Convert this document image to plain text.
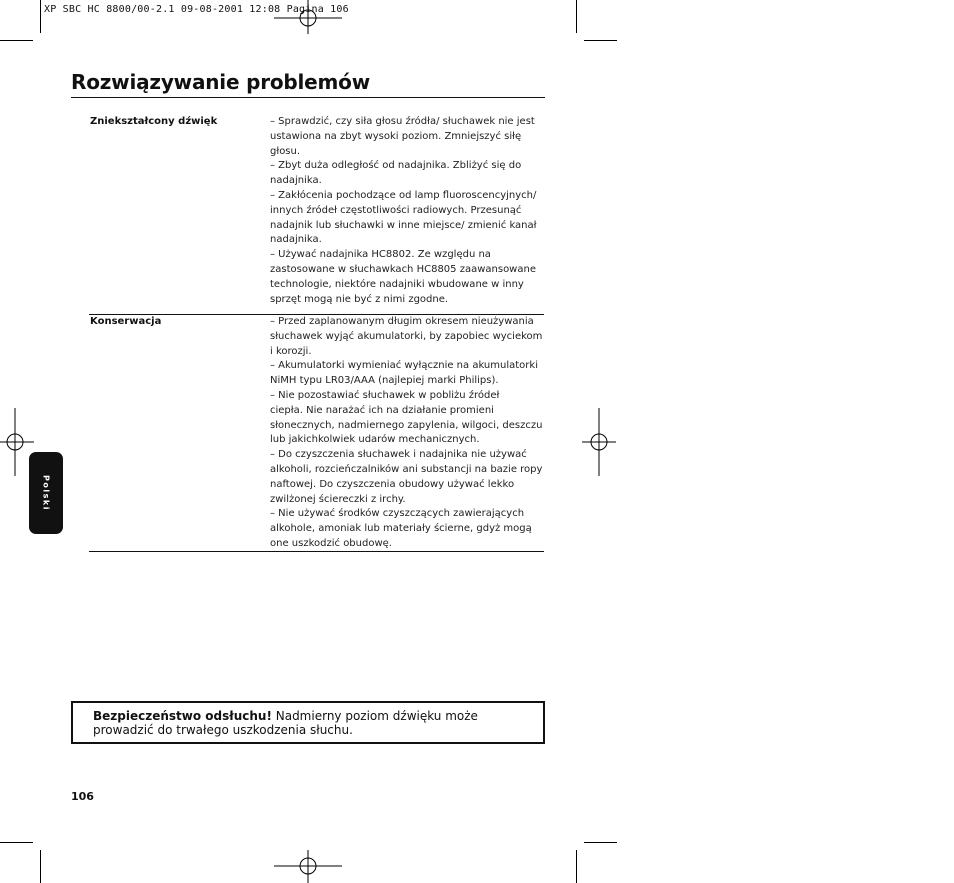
XP SBC HC 8800/00-2.1 09-08-2001 12:08 Pagina 106
Rozwiązywanie problemów
Zniekształcony dźwięk	– Sprawdzić, czy siła głosu źródła/ słuchawek nie jest
ustawiona na zbyt wysoki poziom. Zmniejszyć siłę
głosu.
– Zbyt duża odległość od nadajnika. Zbliżyć się do
nadajnika.
– Zakłócenia pochodzące od lamp fluoroscencyjnych/
innych źródeł częstotliwości radiowych. Przesunąć
nadajnik lub słuchawki w inne miejsce/ zmienić kanał
nadajnika.
– Używać nadajnika HC8802. Ze względu na
zastosowane w słuchawkach HC8805 zaawansowane
technologie, niektóre nadajniki wbudowane w inny
sprzęt mogą nie być z nimi zgodne.
Konserwacja	– Przed zaplanowanym długim okresem nieużywania
słuchawek wyjąć akumulatorki, by zapobiec wyciekom
i korozji.
– Akumulatorki wymieniać wyłącznie na akumulatorki
NiMH typu LR03/AAA (najlepiej marki Philips).
– Nie pozostawiać słuchawek w pobliżu źródeł
ciepła. Nie narażać ich na działanie promieni
słonecznych, nadmiernego zapylenia, wilgoci, deszczu
lub jakichkolwiek udarów mechanicznych.
– Do czyszczenia słuchawek i nadajnika nie używać
alkoholi, rozcieńczalników ani substancji na bazie ropy
naftowej. Do czyszczenia obudowy używać lekko
zwilżonej ściereczki z irchy.
– Nie używać środków czyszczących zawierających
alkohole, amoniak lub materiały ścierne, gdyż mogą
one uszkodzić obudowę.
Polski
Bezpieczeństwo odsłuchu! Nadmierny poziom dźwięku może prowadzić do trwałego uszkodzenia słuchu.
106
